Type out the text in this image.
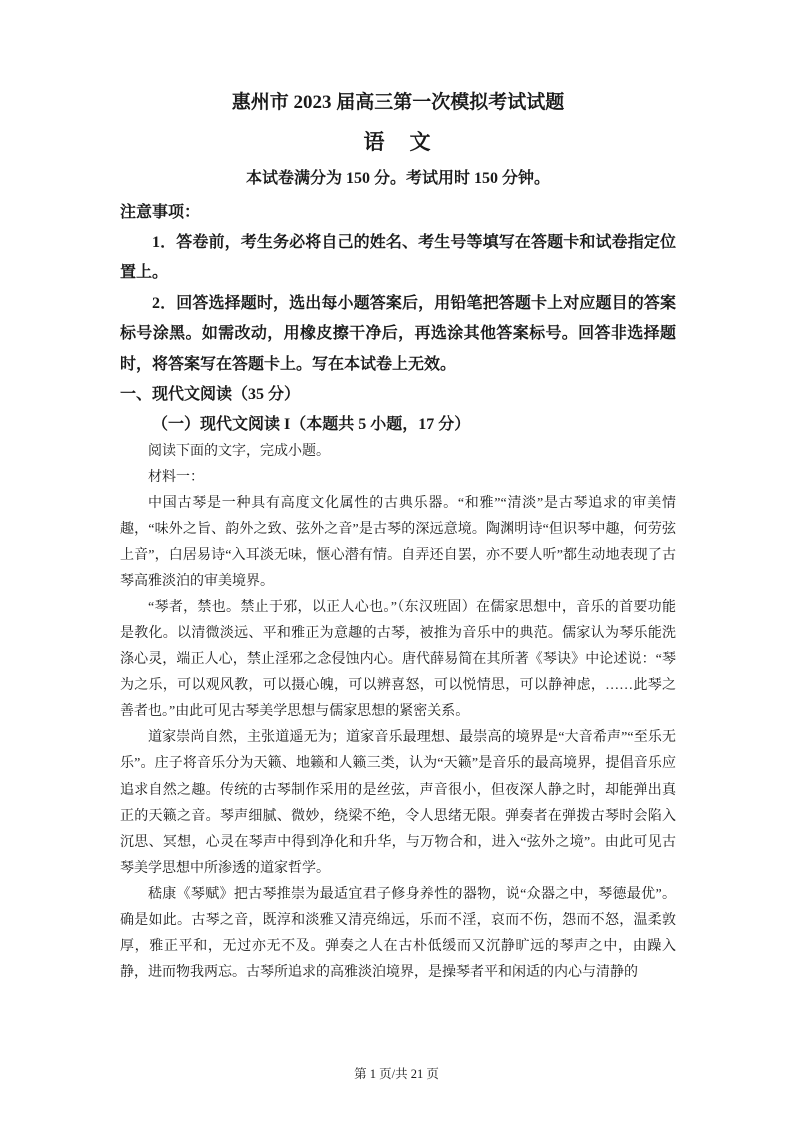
惠州市 2023 届高三第一次模拟考试试题
语　文

本试卷满分为 150 分。考试用时 150 分钟。

注意事项：

1．答卷前，考生务必将自己的姓名、考生号等填写在答题卡和试卷指定位置上。

2．回答选择题时，选出每小题答案后，用铅笔把答题卡上对应题目的答案标号涂黑。如需改动，用橡皮擦干净后，再选涂其他答案标号。回答非选择题时，将答案写在答题卡上。写在本试卷上无效。

一、现代文阅读（35 分）

（一）现代文阅读 I（本题共 5 小题，17 分）

阅读下面的文字，完成小题。

材料一：

中国古琴是一种具有高度文化属性的古典乐器。“和雅”“清淡”是古琴追求的审美情趣，“味外之旨、韵外之致、弦外之音”是古琴的深远意境。陶渊明诗“但识琴中趣，何劳弦上音”，白居易诗“入耳淡无味，惬心潜有情。自弄还自罢，亦不要人听”都生动地表现了古琴高雅淡泊的审美境界。

“琴者，禁也。禁止于邪，以正人心也。”（东汉班固）在儒家思想中，音乐的首要功能是教化。以清微淡远、平和雅正为意趣的古琴，被推为音乐中的典范。儒家认为琴乐能洗涤心灵，端正人心，禁止淫邪之念侵蚀内心。唐代薛易简在其所著《琴诀》中论述说：“琴为之乐，可以观风教，可以摄心魄，可以辨喜怒，可以悦情思，可以静神虑，……此琴之善者也。”由此可见古琴美学思想与儒家思想的紧密关系。

道家崇尚自然，主张道遥无为；道家音乐最理想、最崇高的境界是“大音希声”“至乐无乐”。庄子将音乐分为天籁、地籁和人籁三类，认为“天籁”是音乐的最高境界，提倡音乐应追求自然之趣。传统的古琴制作采用的是丝弦，声音很小，但夜深人静之时，却能弹出真正的天籁之音。琴声细腻、微妙，绕梁不绝，令人思绪无限。弹奏者在弹拨古琴时会陷入沉思、冥想，心灵在琴声中得到净化和升华，与万物合和，进入“弦外之境”。由此可见古琴美学思想中所渗透的道家哲学。

嵇康《琴赋》把古琴推崇为最适宜君子修身养性的器物，说“众器之中，琴德最优”。确是如此。古琴之音，既淳和淡雅又清亮绵远，乐而不淫，哀而不伤，怨而不怒，温柔敦厚，雅正平和，无过亦无不及。弹奏之人在古朴低缓而又沉静旷远的琴声之中，由躁入静，进而物我两忘。古琴所追求的高雅淡泊境界，是操琴者平和闲适的内心与清静的

第 1 页/共 21 页
